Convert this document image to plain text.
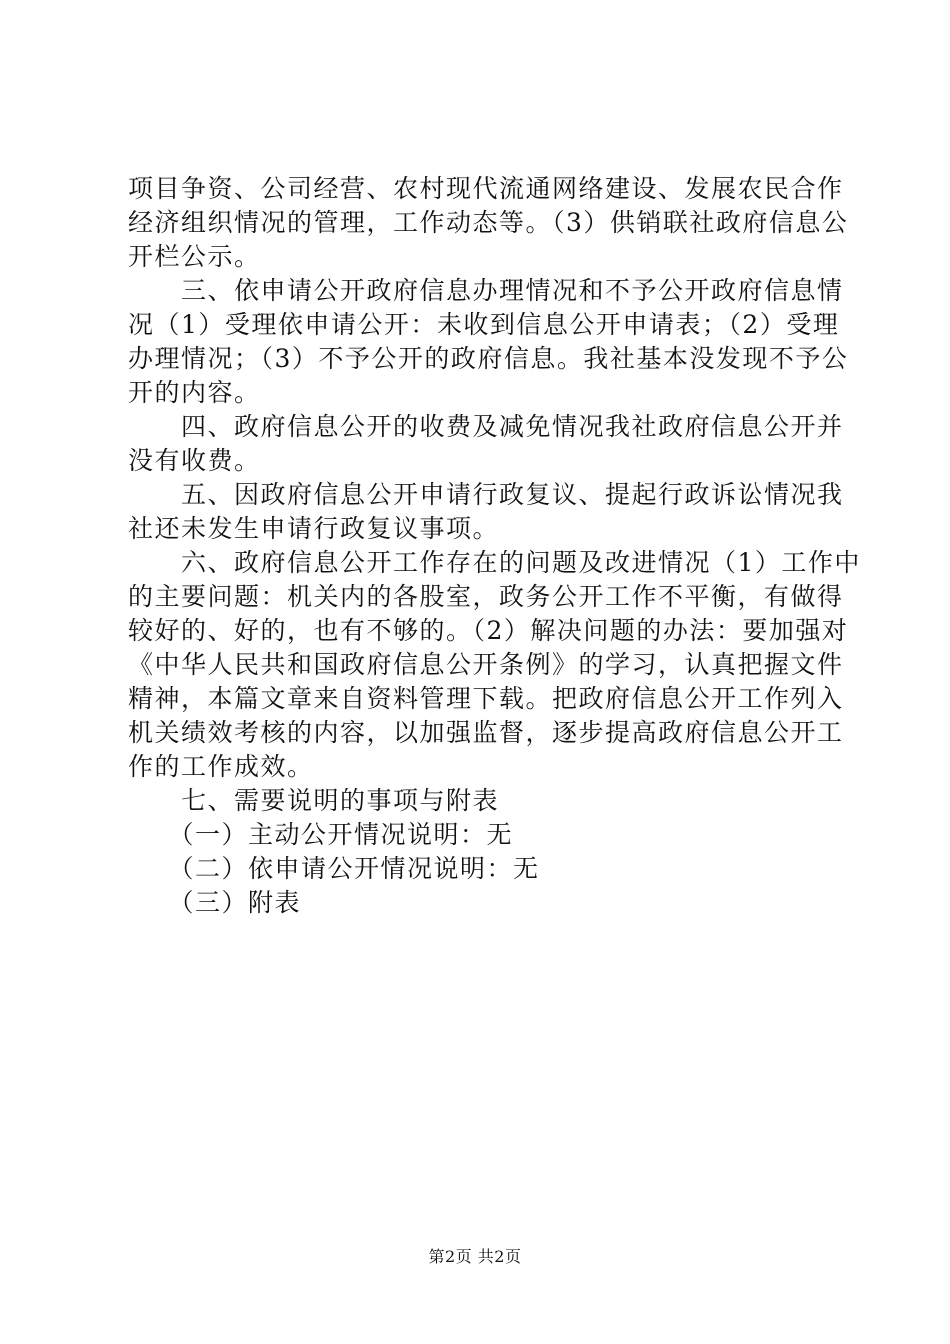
项目争资、公司经营、农村现代流通网络建设、发展农民合作
经济组织情况的管理，工作动态等。（3）供销联社政府信息公
开栏公示。
　　三、依申请公开政府信息办理情况和不予公开政府信息情
况（1）受理依申请公开：未收到信息公开申请表；（2）受理
办理情况；（3）不予公开的政府信息。我社基本没发现不予公
开的内容。
　　四、政府信息公开的收费及减免情况我社政府信息公开并
没有收费。
　　五、因政府信息公开申请行政复议、提起行政诉讼情况我
社还未发生申请行政复议事项。
　　六、政府信息公开工作存在的问题及改进情况（1）工作中
的主要问题：机关内的各股室，政务公开工作不平衡，有做得
较好的、好的，也有不够的。（2）解决问题的办法：要加强对
《中华人民共和国政府信息公开条例》的学习，认真把握文件
精神，本篇文章来自资料管理下载。把政府信息公开工作列入
机关绩效考核的内容，以加强监督，逐步提高政府信息公开工
作的工作成效。
　　七、需要说明的事项与附表
　　（一）主动公开情况说明：无
　　（二）依申请公开情况说明：无
　　（三）附表
第2页 共2页
